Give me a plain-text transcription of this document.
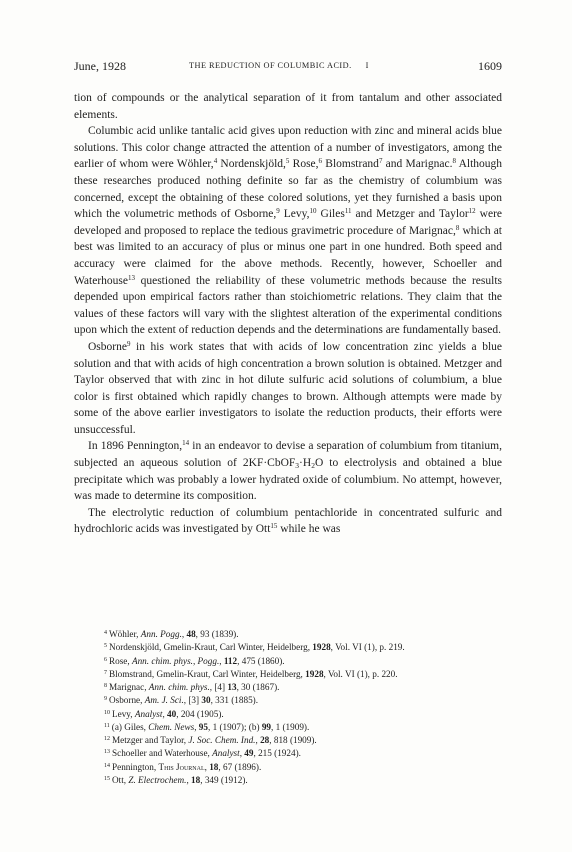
June, 1928	THE REDUCTION OF COLUMBIC ACID. I	1609

tion of compounds or the analytical separation of it from tantalum and other associated elements.

Columbic acid unlike tantalic acid gives upon reduction with zinc and mineral acids blue solutions. This color change attracted the attention of a number of investigators, among the earlier of whom were Wöhler,$^4$ Nordenskjöld,$^5$ Rose,$^6$ Blomstrand$^7$ and Marignac.$^8$ Although these researches produced nothing definite so far as the chemistry of columbium was concerned, except the obtaining of these colored solutions, yet they furnished a basis upon which the volumetric methods of Osborne,$^9$ Levy,$^{10}$ Giles$^{11}$ and Metzger and Taylor$^{12}$ were developed and proposed to replace the tedious gravimetric procedure of Marignac,$^8$ which at best was limited to an accuracy of plus or minus one part in one hundred. Both speed and accuracy were claimed for the above methods. Recently, however, Schoeller and Waterhouse$^{13}$ questioned the reliability of these volumetric methods because the results depended upon empirical factors rather than stoichiometric relations. They claim that the values of these factors will vary with the slightest alteration of the experimental conditions upon which the extent of reduction depends and the determinations are fundamentally based.

Osborne$^9$ in his work states that with acids of low concentration zinc yields a blue solution and that with acids of high concentration a brown solution is obtained. Metzger and Taylor observed that with zinc in hot dilute sulfuric acid solutions of columbium, a blue color is first obtained which rapidly changes to brown. Although attempts were made by some of the above earlier investigators to isolate the reduction products, their efforts were unsuccessful.

In 1896 Pennington,$^{14}$ in an endeavor to devise a separation of columbium from titanium, subjected an aqueous solution of $2KF\cdot CbOF_3\cdot H_2O$ to electrolysis and obtained a blue precipitate which was probably a lower hydrated oxide of columbium. No attempt, however, was made to determine its composition.

The electrolytic reduction of columbium pentachloride in concentrated sulfuric and hydrochloric acids was investigated by Ott$^{15}$ while he was

$^4$ Wöhler, Ann. Pogg., 48, 93 (1839).
$^5$ Nordenskjöld, Gmelin-Kraut, Carl Winter, Heidelberg, 1928, Vol. VI (1), p. 219.
$^6$ Rose, Ann. chim. phys., Pogg., 112, 475 (1860).
$^7$ Blomstrand, Gmelin-Kraut, Carl Winter, Heidelberg, 1928, Vol. VI (1), p. 220.
$^8$ Marignac, Ann. chim. phys., [4] 13, 30 (1867).
$^9$ Osborne, Am. J. Sci., [3] 30, 331 (1885).
$^{10}$ Levy, Analyst, 40, 204 (1905).
$^{11}$ (a) Giles, Chem. News, 95, 1 (1907); (b) 99, 1 (1909).
$^{12}$ Metzger and Taylor, J. Soc. Chem. Ind., 28, 818 (1909).
$^{13}$ Schoeller and Waterhouse, Analyst, 49, 215 (1924).
$^{14}$ Pennington, This Journal, 18, 67 (1896).
$^{15}$ Ott, Z. Electrochem., 18, 349 (1912).
